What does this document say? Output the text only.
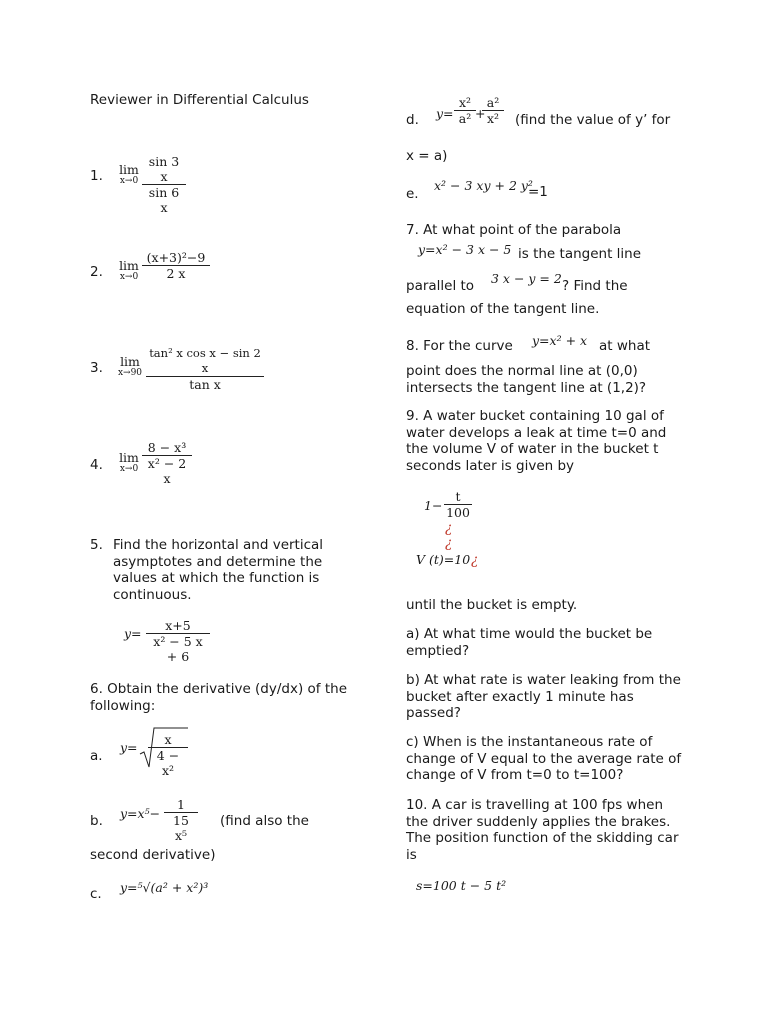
Reviewer in Differential Calculus
1. lim
$x\to 0 \frac{\sin 3 x}{\sin 6 x}$
2. lim
$x\to 0 \frac{\text{(x+3)²−9}}{2 x}$
3.	lim
$x\to 90 \frac{\text{tan² x cos x − sin 2 x}}{\text{tan x}}$
4. lim
$x\to 0 \frac{\text{8 − x³}}{\text{x² − 2 x}}$
5. Find the horizontal and vertical asymptotes and determine the values at which the function is continuous.
$y= \frac{x+5}{\text{x² − 5 x + 6}}$
6. Obtain the derivative (dy/dx) of the following:
a.
$y= \frac{x}{\text{4 − x²}}$
b. $y=x^5- \frac{1}{\text{15 x⁵}}$ (find also the
second derivative)
c. y=⁵√(a² + x²)³
d. $y= \frac{\text{x²}}{\text{a²}}$ +
$\frac{\text{a²}}{\text{x²}}$ (find the value of y’ for
x = a)
e.
x² − 3 xy + 2 y²
=1
7. At what point of the parabola
y=x² − 3 x − 5 is the tangent line
parallel to 3 x − y = 2 ? Find the
equation of the tangent line.
8. For the curve y=x² + x at what
point does the normal line at (0,0) intersects the tangent line at (1,2)?
9. A water bucket containing 10 gal of water develops a leak at time t=0 and the volume V of water in the bucket t seconds later is given by
$1- \frac{t}{100}$
¿
¿
V (t)=10 ¿
until the bucket is empty.
a) At what time would the bucket be emptied?
b) At what rate is water leaking from the bucket after exactly 1 minute has passed?
c) When is the instantaneous rate of change of V equal to the average rate of change of V from t=0 to t=100?
10. A car is travelling at 100 fps when the driver suddenly applies the brakes. The position function of the skidding car is
s=100 t − 5 t²
